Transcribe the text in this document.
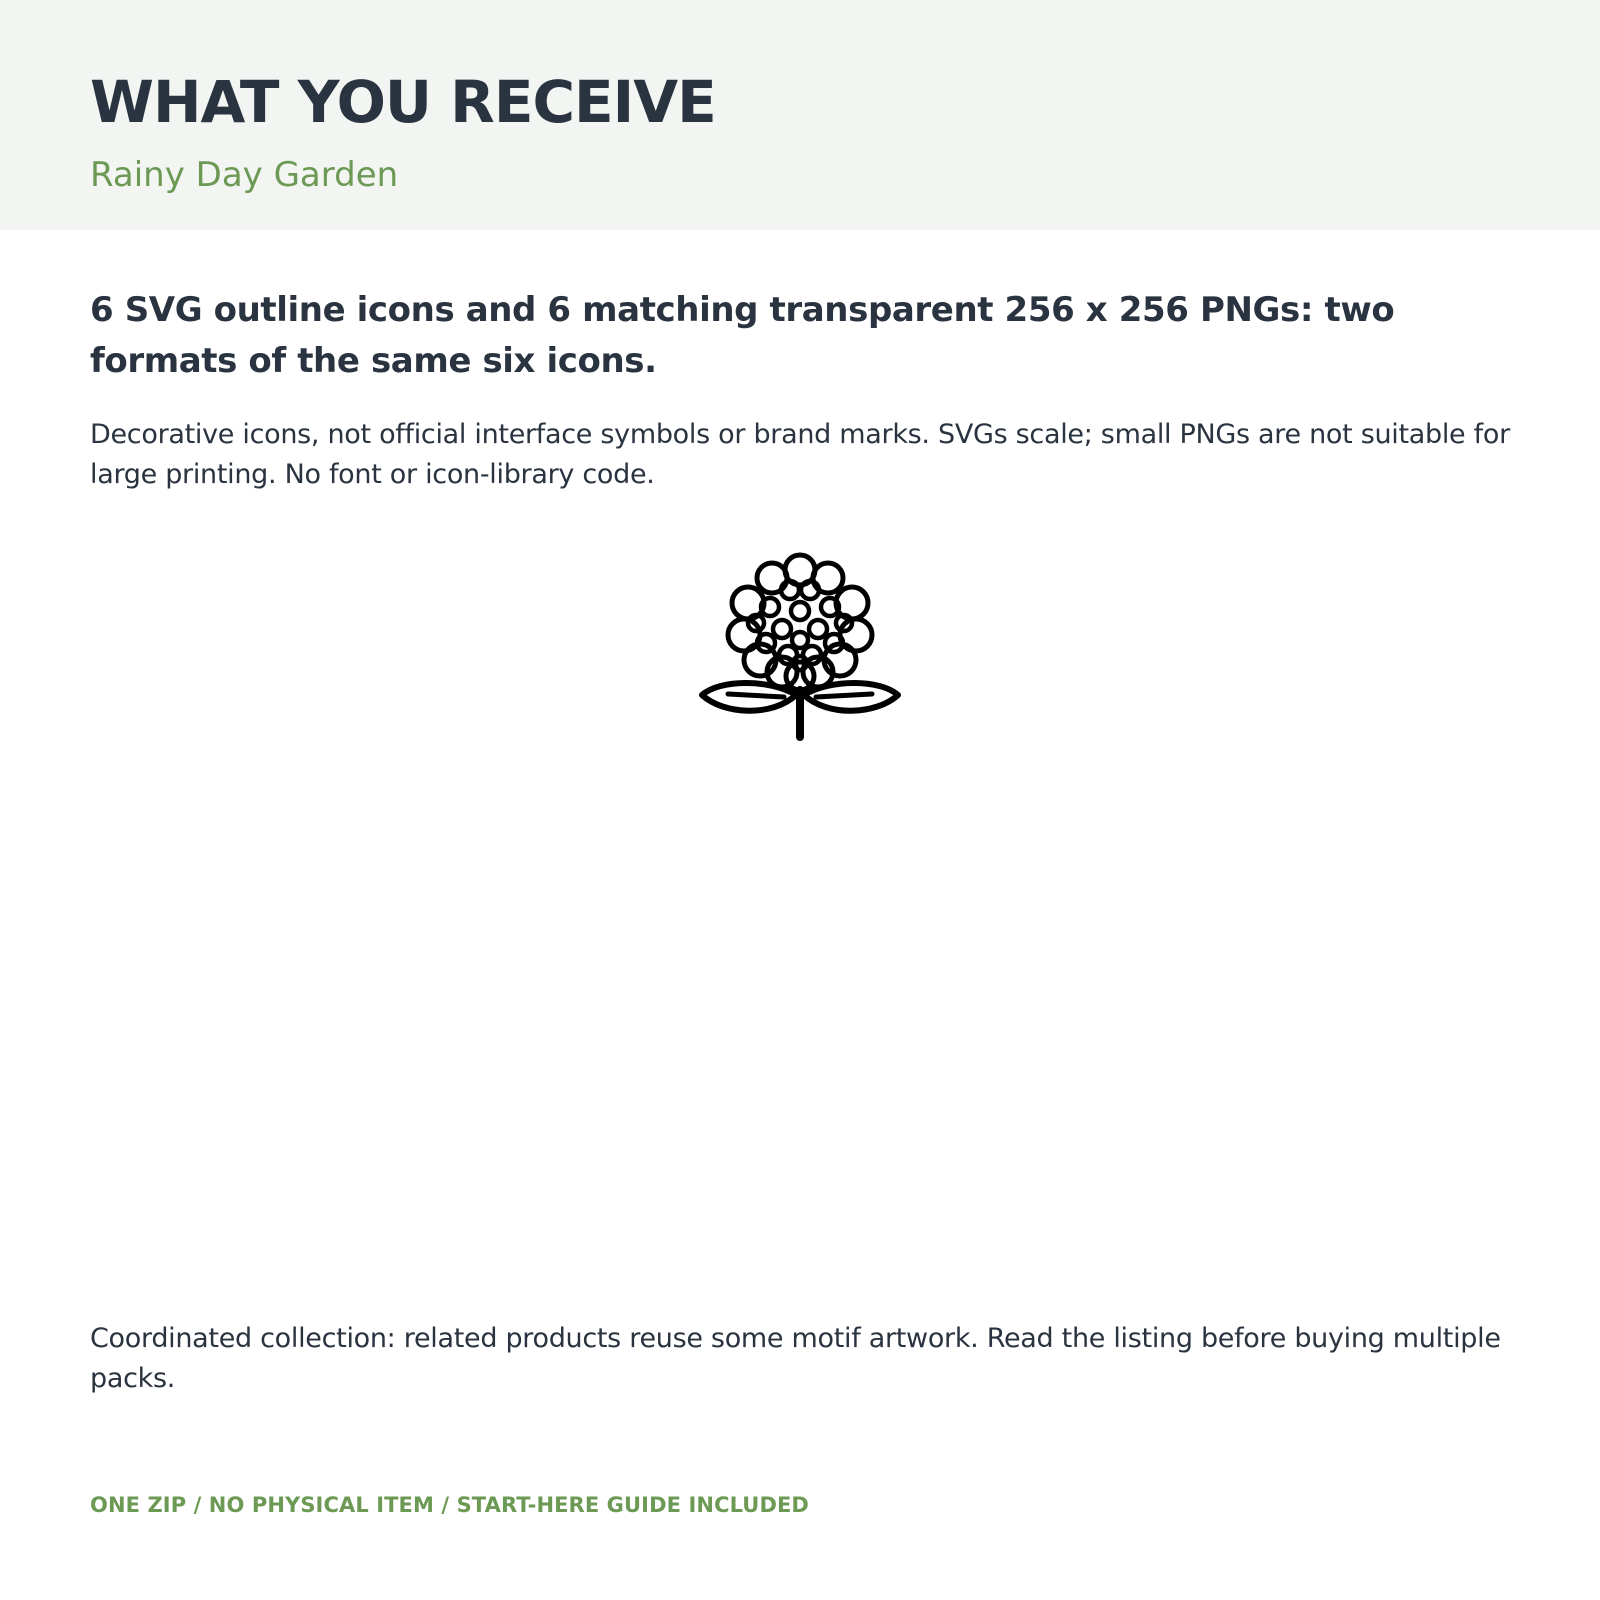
WHAT YOU RECEIVE
Rainy Day Garden

6 SVG outline icons and 6 matching transparent 256 x 256 PNGs: two formats of the same six icons.

Decorative icons, not official interface symbols or brand marks. SVGs scale; small PNGs are not suitable for large printing. No font or icon-library code.

Coordinated collection: related products reuse some motif artwork. Read the listing before buying multiple packs.

ONE ZIP / NO PHYSICAL ITEM / START-HERE GUIDE INCLUDED
